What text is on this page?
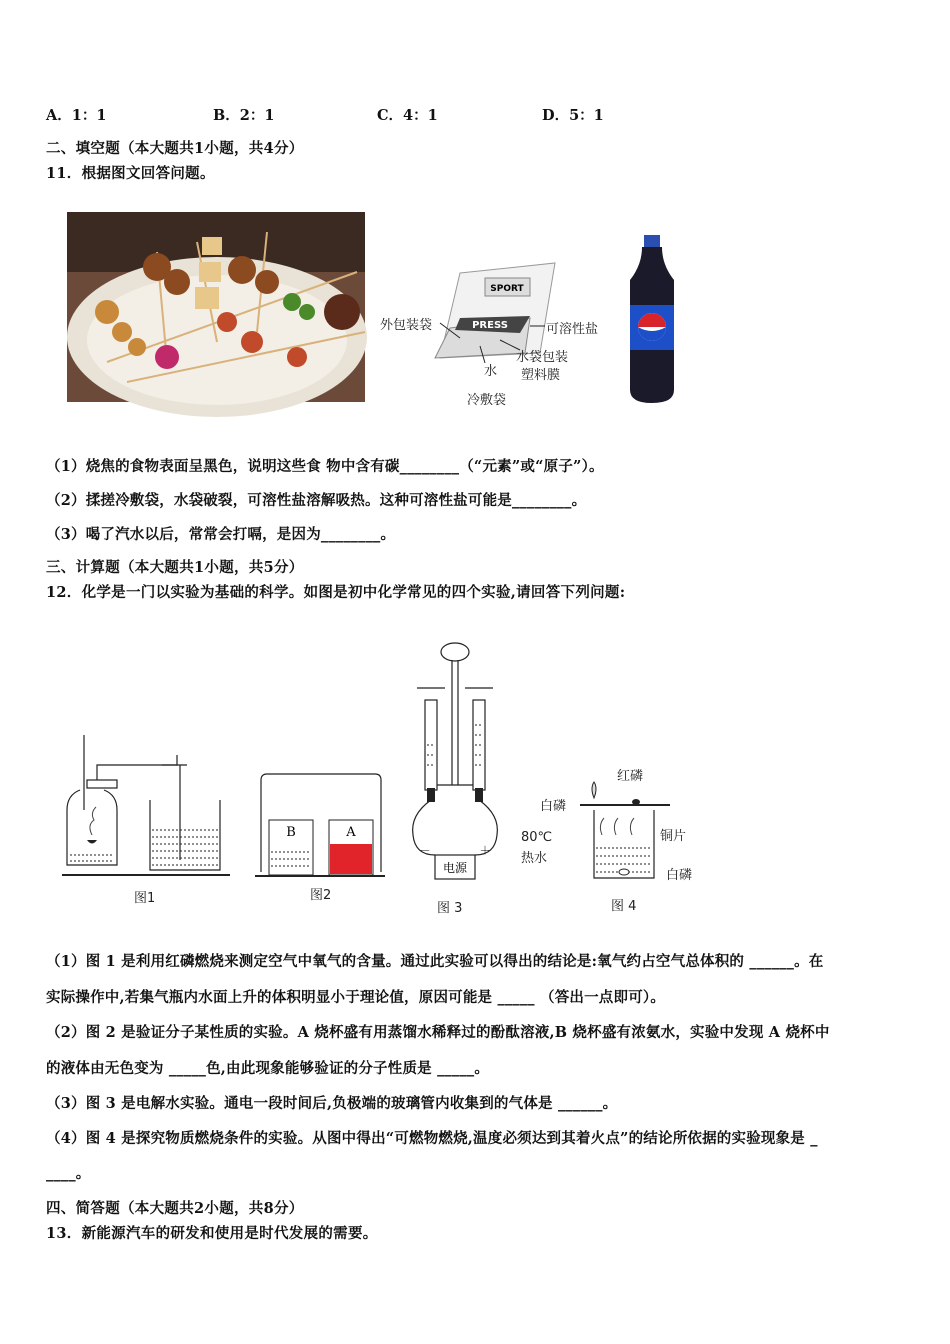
A．1：1	B．2：1	C．4：1	D．5：1
二、填空题（本大题共1小题，共4分）
11．根据图文回答问题。
SPORT
PRESS
外包装袋	可溶性盐
水袋包装
塑料膜
水
冷敷袋
（1）烧焦的食物表面呈黑色，说明这些食 物中含有碳________（“元素”或“原子”）。
（2）揉搓冷敷袋，水袋破裂，可溶性盐溶解吸热。这种可溶性盐可能是________。
（3）喝了汽水以后，常常会打嗝，是因为________。
三、计算题（本大题共1小题，共5分）
12．化学是一门以实验为基础的科学。如图是初中化学常见的四个实验,请回答下列问题:
图1
B	A
图2
电源
－	＋
图 3
红磷
白磷
铜片
80℃
热水
白磷
图 4
（1）图 1 是利用红磷燃烧来测定空气中氧气的含量。通过此实验可以得出的结论是:氧气约占空气总体积的 ______。在
实际操作中,若集气瓶内水面上升的体积明显小于理论值，原因可能是 _____ （答出一点即可）。
（2）图 2 是验证分子某性质的实验。A 烧杯盛有用蒸馏水稀释过的酚酞溶液,B 烧杯盛有浓氨水，实验中发现 A 烧杯中
的液体由无色变为 _____色,由此现象能够验证的分子性质是 _____。
（3）图 3 是电解水实验。通电一段时间后,负极端的玻璃管内收集到的气体是 ______。
（4）图 4 是探究物质燃烧条件的实验。从图中得出“可燃物燃烧,温度必须达到其着火点”的结论所依据的实验现象是 _
____。
四、简答题（本大题共2小题，共8分）
13．新能源汽车的研发和使用是时代发展的需要。
